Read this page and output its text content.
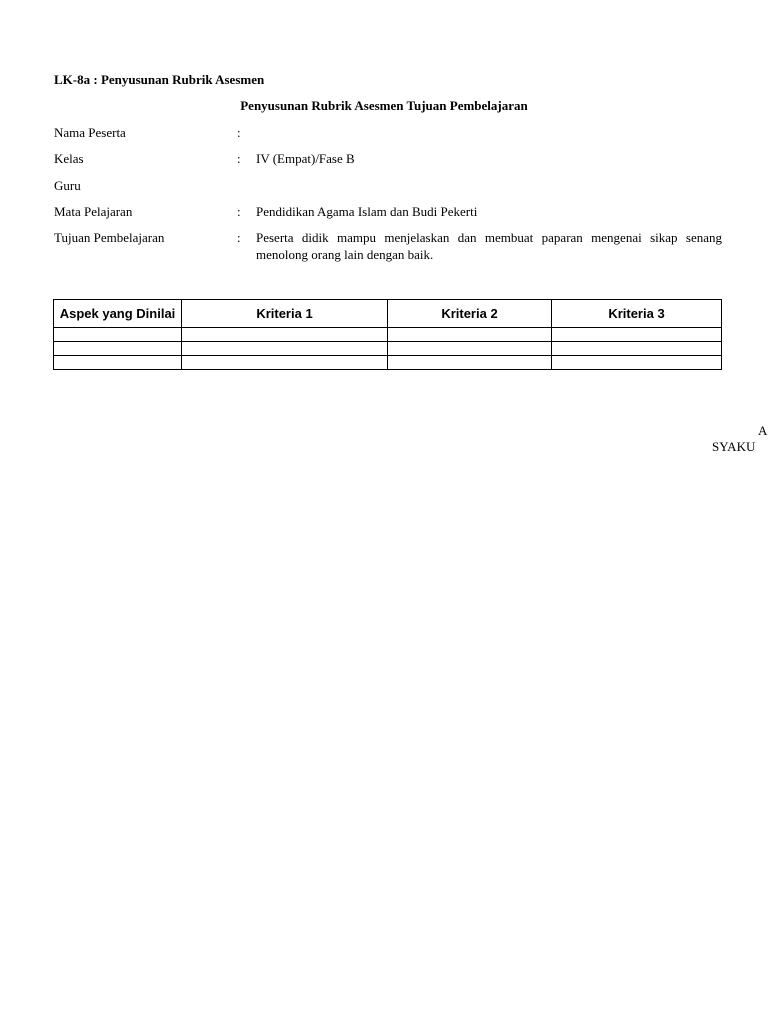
LK-8a : Penyusunan Rubrik Asesmen
Penyusunan Rubrik Asesmen Tujuan Pembelajaran
Nama Peserta	:
Kelas	: IV (Empat)/Fase B
Guru
Mata Pelajaran	: Pendidikan Agama Islam dan Budi Pekerti
Tujuan Pembelajaran	: Peserta didik mampu menjelaskan dan membuat paparan mengenai sikap senang menolong orang lain dengan baik.
Aspek yang Dinilai	Kriteria 1	Kriteria 2	Kriteria 3

A
SYAKU
